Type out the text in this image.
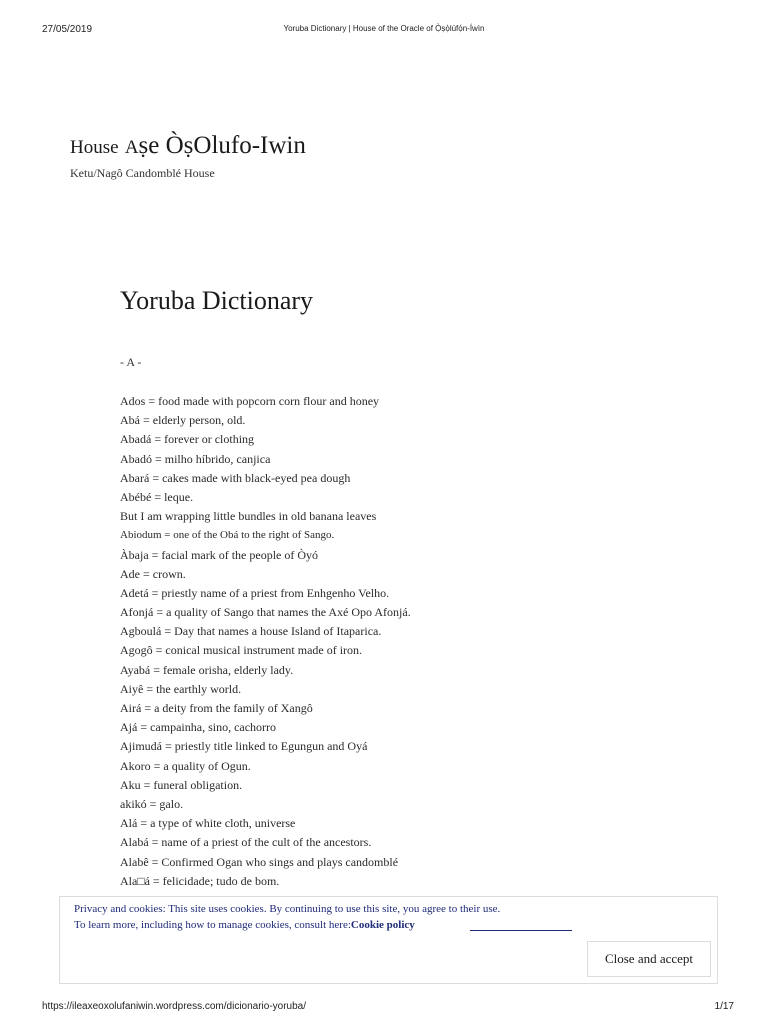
27/05/2019	Yoruba Dictionary | House of the Oracle of Ọ̀ṣọ̀lúfọ́n-Íwìn
House Aṣe ÒṣOlufo-Iwin
Ketu/Nagô Candomblé House
Yoruba Dictionary
- A -
Ados = food made with popcorn corn flour and honey
Abá = elderly person, old.
Abadá = forever or clothing
Abadó = milho híbrido, canjica
Abará = cakes made with black-eyed pea dough
Abébé = leque.
But I am wrapping little bundles in old banana leaves
Abiodum = one of the Obá to the right of Sango.
Àbaja = facial mark of the people of Òyó
Ade = crown.
Adetá = priestly name of a priest from Enhgenho Velho.
Afonjá = a quality of Sango that names the Axé Opo Afonjá.
Agboulá = Day that names a house Island of Itaparica.
Agogô = conical musical instrument made of iron.
Ayabá = female orisha, elderly lady.
Aiyê = the earthly world.
Airá = a deity from the family of Xangô
Ajá = campainha, sino, cachorro
Ajimudá = priestly title linked to Egungun and Oyá
Akoro = a quality of Ogun.
Aku = funeral obligation.
akikó = galo.
Alá = a type of white cloth, universe
Alabá = name of a priest of the cult of the ancestors.
Alabê = Confirmed Ogan who sings and plays candomblé
Ala□á = felicidade; tudo de bom.
Privacy and cookies: This site uses cookies. By continuing to use this site, you agree to their use.
To learn more, including how to manage cookies, consult here:Cookie policy
Close and accept
https://ileaxeoxolufaniwin.wordpress.com/dicionario-yoruba/	1/17
